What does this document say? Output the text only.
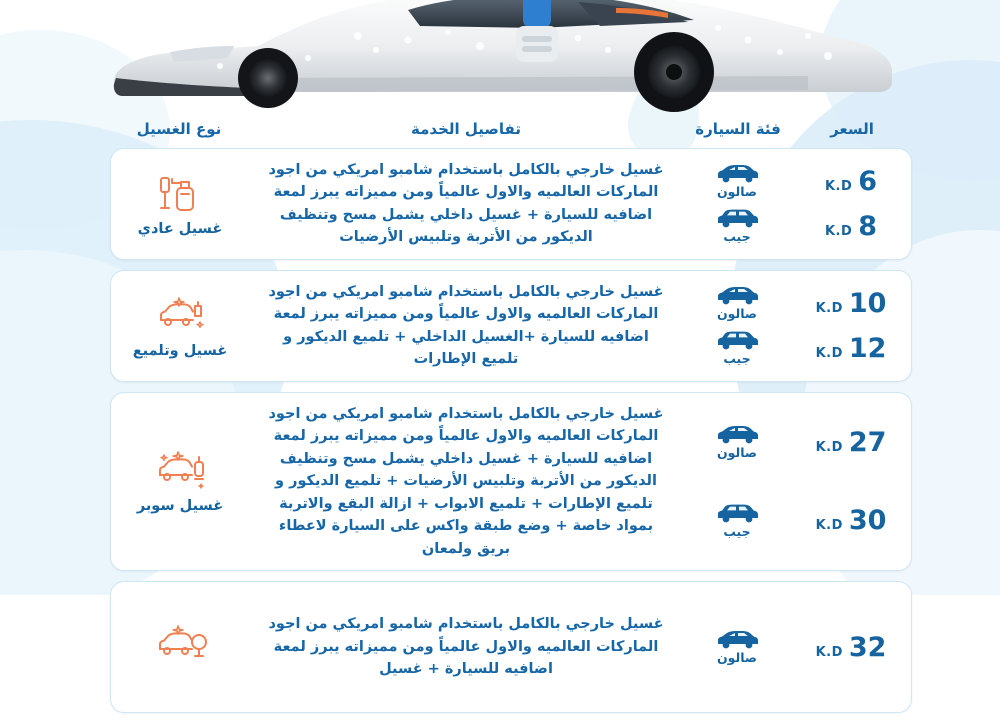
السعر
فئة السيارة
تفاصيل الخدمة
نوع الغسيل
6
K.D
8
K.D
صالون
جيب
غسيل خارجي بالكامل باستخدام شامبو امريكي من اجود الماركات العالميه والاول عالمياً ومن مميزاته يبرز لمعة اضافيه للسيارة + غسيل داخلي يشمل مسح وتنظيف الديكور من الأتربة وتلبيس الأرضيات
غسيل عادي
10
K.D
12
K.D
صالون
جيب
غسيل خارجي بالكامل باستخدام شامبو امريكي من اجود الماركات العالميه والاول عالمياً ومن مميزاته يبرز لمعة اضافيه للسيارة +الغسيل الداخلي + تلميع الديكور و تلميع الإطارات
غسيل وتلميع
27
K.D
30
K.D
صالون
جيب
غسيل خارجي بالكامل باستخدام شامبو امريكي من اجود الماركات العالميه والاول عالمياً ومن مميزاته يبرز لمعة اضافيه للسيارة + غسيل داخلي يشمل مسح وتنظيف الديكور من الأتربة وتلبيس الأرضيات + تلميع الديكور و تلميع الإطارات + تلميع الابواب + ازالة البقع والاتربة بمواد خاصة + وضع طبقة واكس على السيارة لاعطاء بريق ولمعان
غسيل سوبر
32
K.D
صالون
غسيل خارجي بالكامل باستخدام شامبو امريكي من اجود الماركات العالميه والاول عالمياً ومن مميزاته يبرز لمعة اضافيه للسيارة + غسيل
